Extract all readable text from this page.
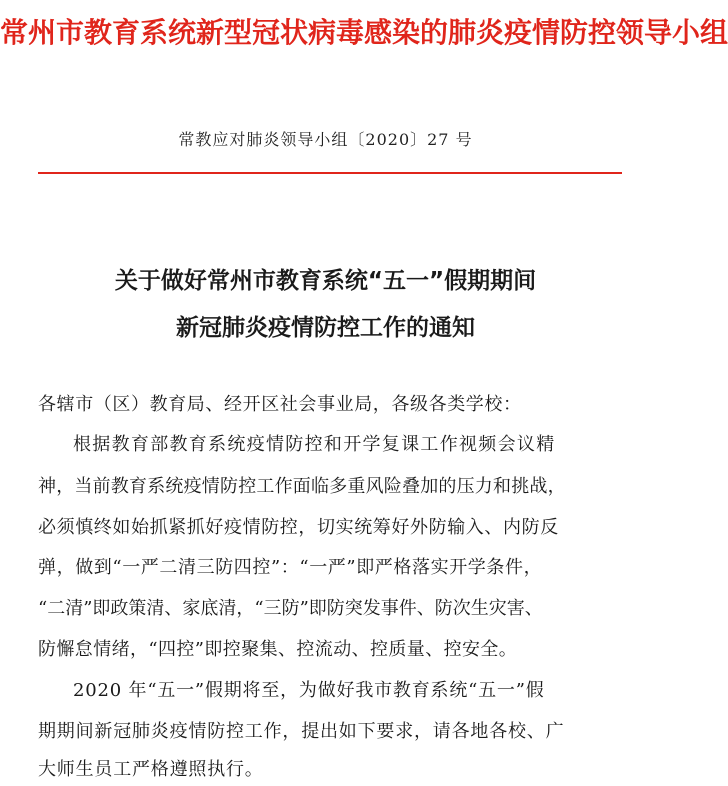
常州市教育系统新型冠状病毒感染的肺炎疫情防控领导小组
常教应对肺炎领导小组〔2020〕27 号
关于做好常州市教育系统“五一”假期期间
新冠肺炎疫情防控工作的通知
各辖市（区）教育局、经开区社会事业局，各级各类学校：
根据教育部教育系统疫情防控和开学复课工作视频会议精
神，当前教育系统疫情防控工作面临多重风险叠加的压力和挑战，
必须慎终如始抓紧抓好疫情防控，切实统筹好外防输入、内防反
弹，做到“一严二清三防四控”：“一严”即严格落实开学条件，
“二清”即政策清、家底清，“三防”即防突发事件、防次生灾害、
防懈怠情绪，“四控”即控聚集、控流动、控质量、控安全。
2020 年“五一”假期将至，为做好我市教育系统“五一”假
期期间新冠肺炎疫情防控工作，提出如下要求，请各地各校、广
大师生员工严格遵照执行。
